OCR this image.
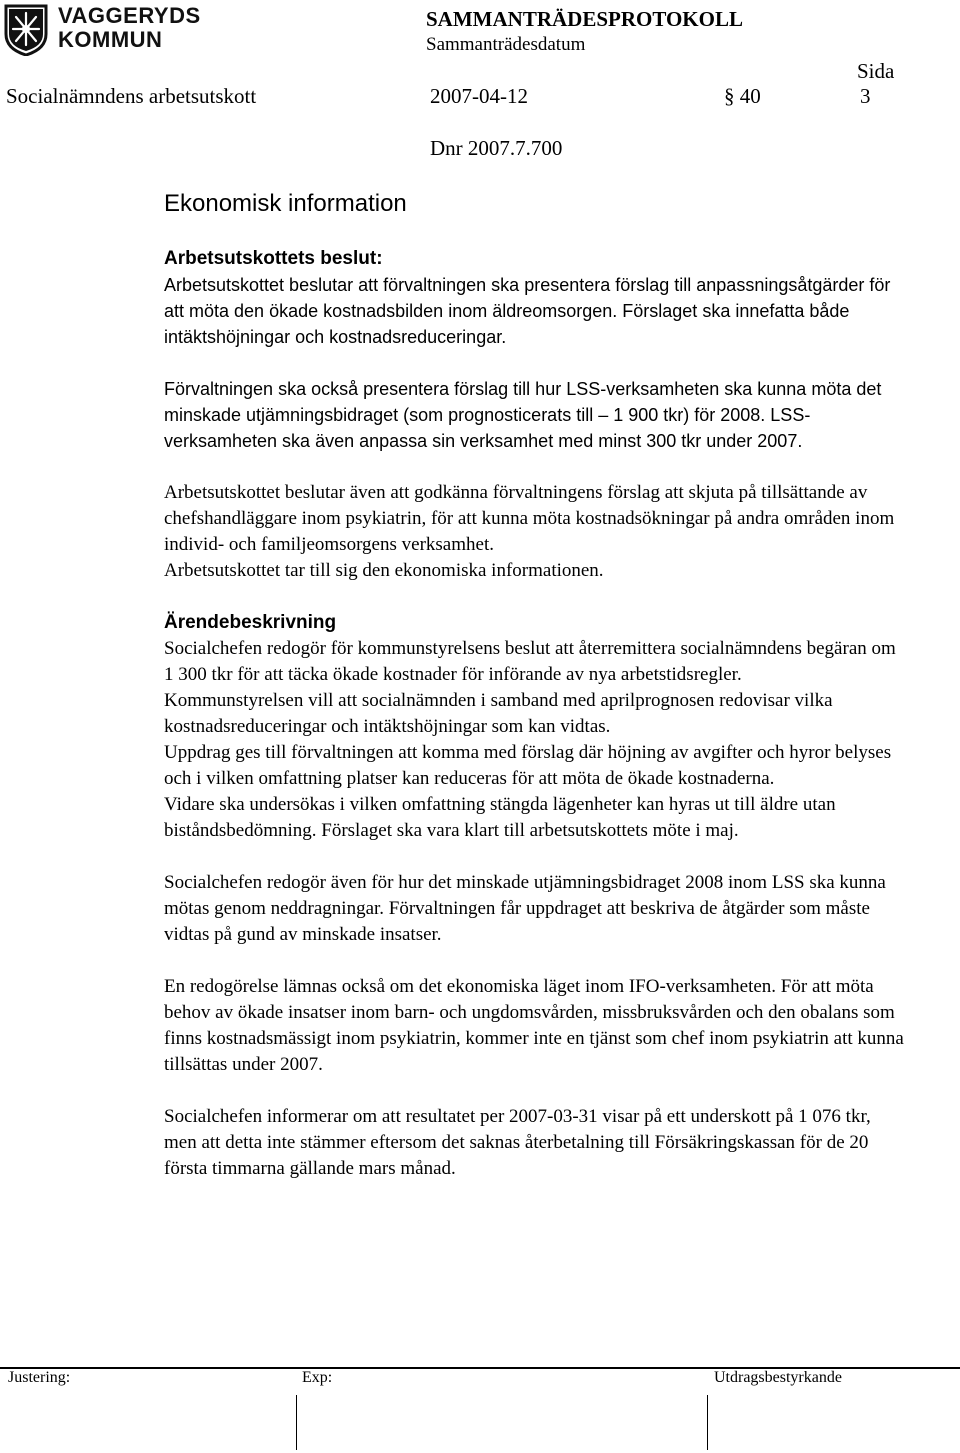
VAGGERYDS
KOMMUN
SAMMANTRÄDESPROTOKOLL
Sammanträdesdatum
Sida
Socialnämndens arbetsutskott	2007-04-12	§ 40	3
Dnr 2007.7.700
Ekonomisk information
Arbetsutskottets beslut:

Arbetsutskottet beslutar att förvaltningen ska presentera förslag till anpassningsåtgärder för att möta den ökade kostnadsbilden inom äldreomsorgen. Förslaget ska innefatta både intäktshöjningar och kostnadsreduceringar.

Förvaltningen ska också presentera förslag till hur LSS-verksamheten ska kunna möta det minskade utjämningsbidraget (som prognosticerats till – 1 900 tkr) för 2008. LSS-verksamheten ska även anpassa sin verksamhet med minst 300 tkr under 2007.

Arbetsutskottet beslutar även att godkänna förvaltningens förslag att skjuta på tillsättande av chefshandläggare inom psykiatrin, för att kunna möta kostnadsökningar på andra områden inom individ- och familjeomsorgens verksamhet.

Arbetsutskottet tar till sig den ekonomiska informationen.

Ärendebeskrivning

Socialchefen redogör för kommunstyrelsens beslut att återremittera socialnämndens begäran om 1 300 tkr för att täcka ökade kostnader för införande av nya arbetstidsregler.

Kommunstyrelsen vill att socialnämnden i samband med aprilprognosen redovisar vilka kostnadsreduceringar och intäktshöjningar som kan vidtas.

Uppdrag ges till förvaltningen att komma med förslag där höjning av avgifter och hyror belyses och i vilken omfattning platser kan reduceras för att möta de ökade kostnaderna.

Vidare ska undersökas i vilken omfattning stängda lägenheter kan hyras ut till äldre utan biståndsbedömning. Förslaget ska vara klart till arbetsutskottets möte i maj.

Socialchefen redogör även för hur det minskade utjämningsbidraget 2008 inom LSS ska kunna mötas genom neddragningar. Förvaltningen får uppdraget att beskriva de åtgärder som måste vidtas på gund av minskade insatser.

En redogörelse lämnas också om det ekonomiska läget inom IFO-verksamheten. För att möta behov av ökade insatser inom barn- och ungdomsvården, missbruksvården och den obalans som finns kostnadsmässigt inom psykiatrin, kommer inte en tjänst som chef inom psykiatrin att kunna tillsättas under 2007.

Socialchefen informerar om att resultatet per 2007-03-31 visar på ett underskott på 1 076 tkr, men att detta inte stämmer eftersom det saknas återbetalning till Försäkringskassan för de 20 första timmarna gällande mars månad.

Justering:	Exp:	Utdragsbestyrkande
